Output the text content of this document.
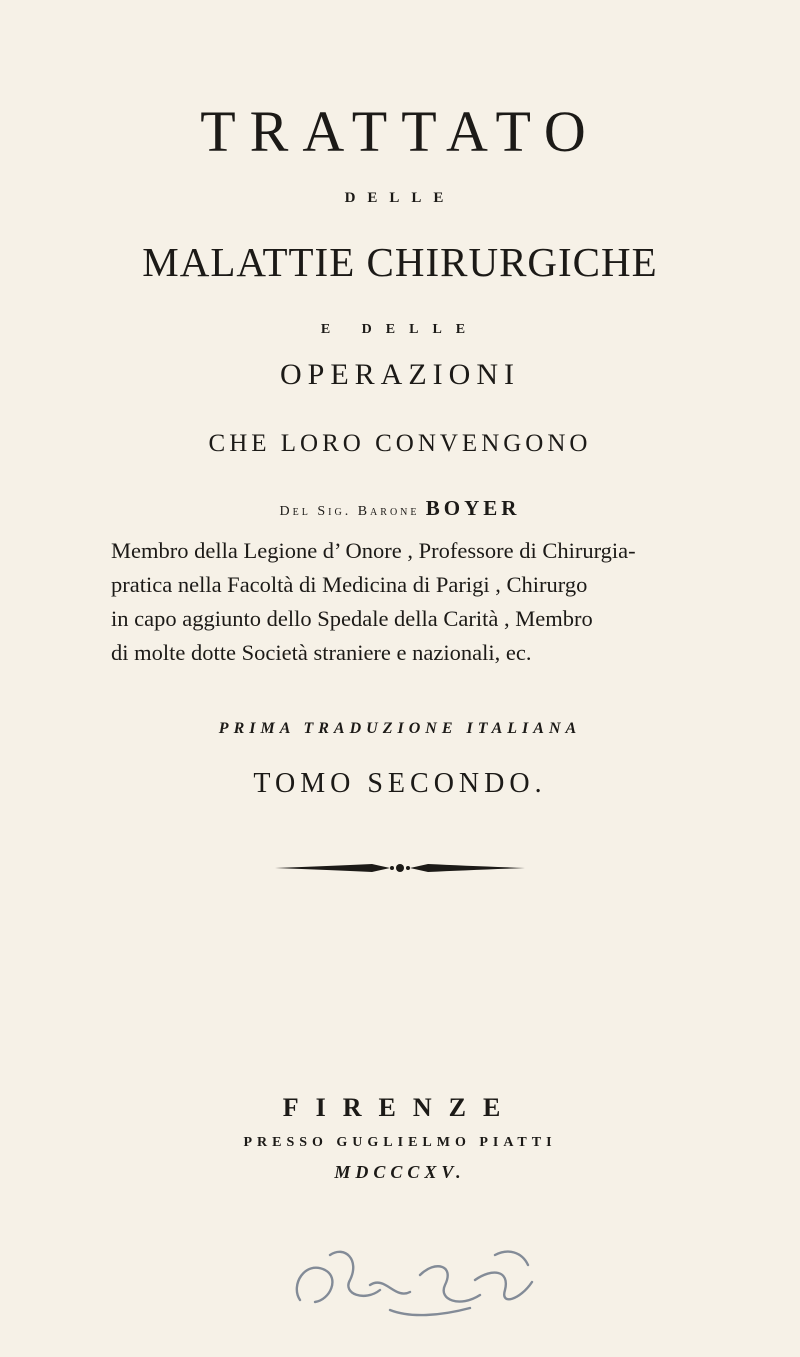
TRATTATO
DELLE
MALATTIE CHIRURGICHE
E DELLE
OPERAZIONI
CHE LORO CONVENGONO
Del Sig. Barone BOYER
Membro della Legione d’ Onore , Professore di Chirurgia-
pratica nella Facoltà di Medicina di Parigi , Chirurgo
in capo aggiunto dello Spedale della Carità , Membro
di molte dotte Società straniere e nazionali, ec.
PRIMA TRADUZIONE ITALIANA
TOMO SECONDO.
FIRENZE
PRESSO GUGLIELMO PIATTI
MDCCCXV.
